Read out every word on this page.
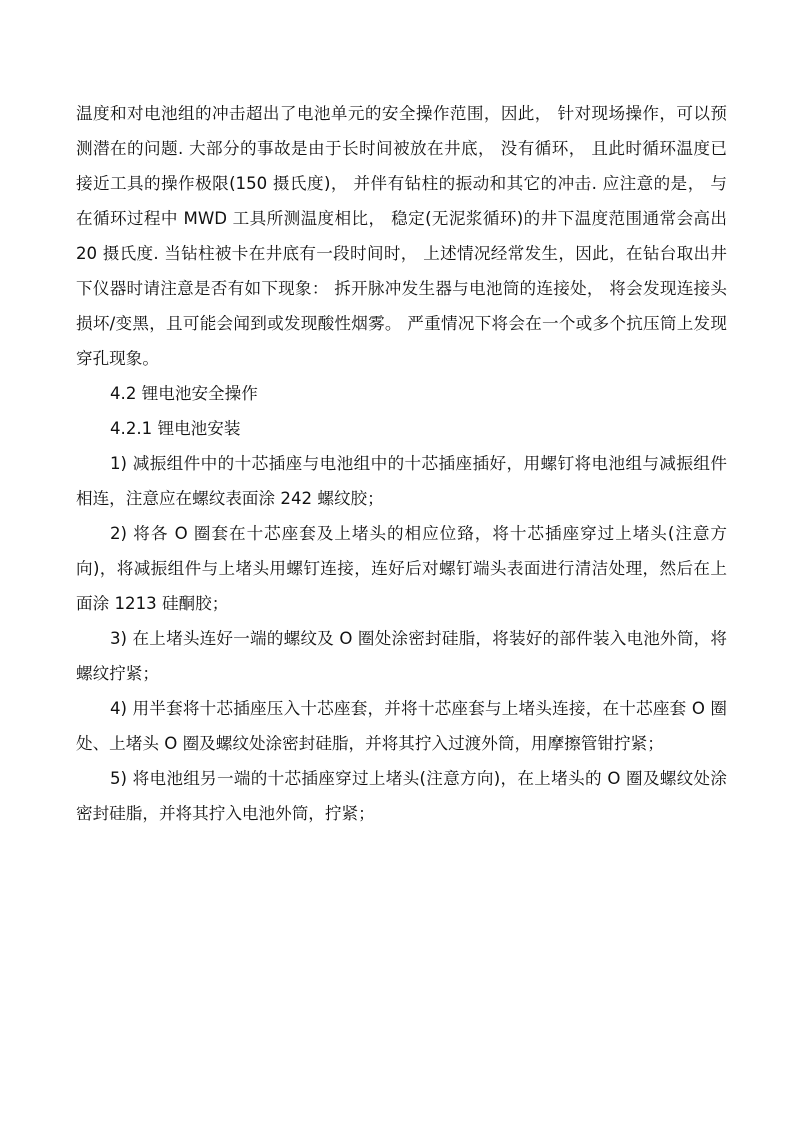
温度和对电池组的冲击超出了电池单元的安全操作范围，因此， 针对现场操作，可以预测潜在的问题. 大部分的事故是由于长时间被放在井底， 没有循环， 且此时循环温度已接近工具的操作极限(150 摄氏度)， 并伴有钻柱的振动和其它的冲击. 应注意的是， 与在循环过程中 MWD 工具所测温度相比， 稳定(无泥浆循环)的井下温度范围通常会高出 20 摄氏度. 当钻柱被卡在井底有一段时间时， 上述情况经常发生，因此，在钻台取出井下仪器时请注意是否有如下现象： 拆开脉冲发生器与电池筒的连接处， 将会发现连接头损坏/变黑，且可能会闻到或发现酸性烟雾。 严重情况下将会在一个或多个抗压筒上发现穿孔现象。

4.2 锂电池安全操作

4.2.1 锂电池安装

1) 减振组件中的十芯插座与电池组中的十芯插座插好，用螺钉将电池组与减振组件相连，注意应在螺纹表面涂 242 螺纹胶；

2) 将各 O 圈套在十芯座套及上堵头的相应位臵，将十芯插座穿过上堵头(注意方向)，将减振组件与上堵头用螺钉连接，连好后对螺钉端头表面进行清洁处理，然后在上面涂 1213 硅酮胶；

3) 在上堵头连好一端的螺纹及 O 圈处涂密封硅脂，将装好的部件装入电池外筒，将螺纹拧紧；

4) 用半套将十芯插座压入十芯座套，并将十芯座套与上堵头连接，在十芯座套 O 圈处、上堵头 O 圈及螺纹处涂密封硅脂，并将其拧入过渡外筒，用摩擦管钳拧紧；

5) 将电池组另一端的十芯插座穿过上堵头(注意方向)，在上堵头的 O 圈及螺纹处涂密封硅脂，并将其拧入电池外筒，拧紧；
